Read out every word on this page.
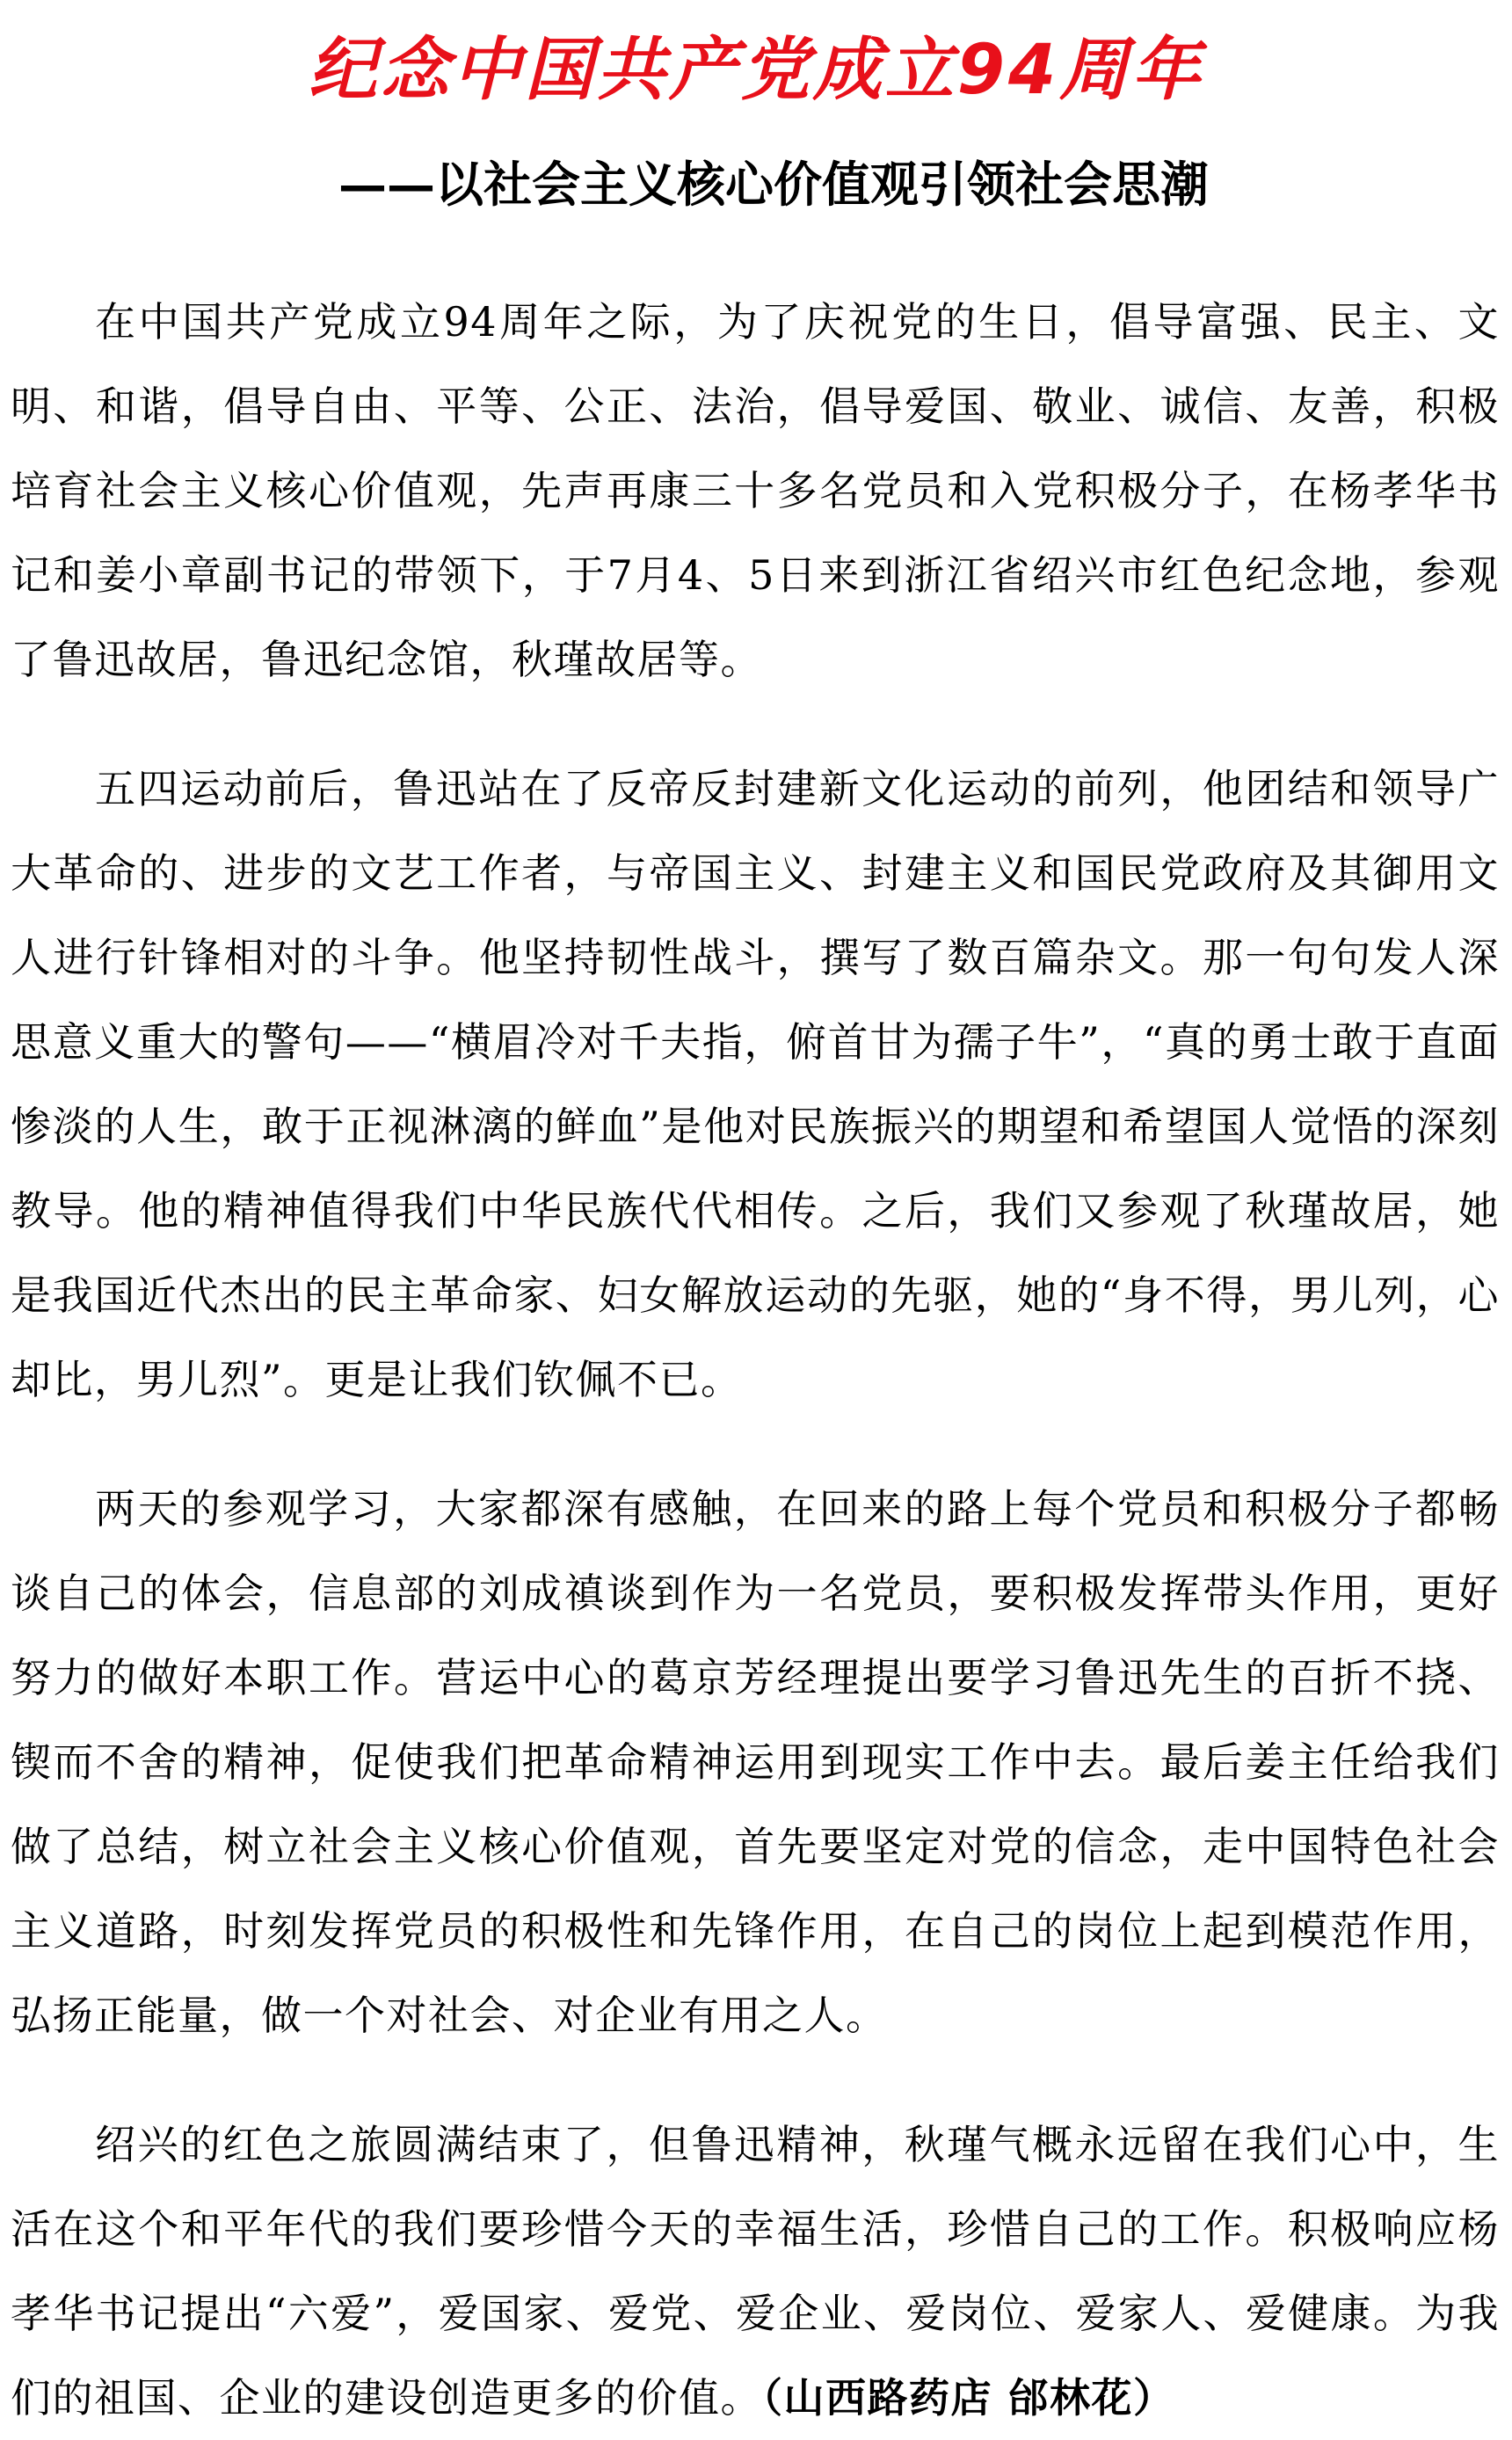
纪念中国共产党成立94周年
——以社会主义核心价值观引领社会思潮

在中国共产党成立94周年之际，为了庆祝党的生日，倡导富强、民主、文明、和谐，倡导自由、平等、公正、法治，倡导爱国、敬业、诚信、友善，积极培育社会主义核心价值观，先声再康三十多名党员和入党积极分子，在杨孝华书记和姜小章副书记的带领下，于7月4、5日来到浙江省绍兴市红色纪念地，参观了鲁迅故居，鲁迅纪念馆，秋瑾故居等。

五四运动前后，鲁迅站在了反帝反封建新文化运动的前列，他团结和领导广大革命的、进步的文艺工作者，与帝国主义、封建主义和国民党政府及其御用文人进行针锋相对的斗争。他坚持韧性战斗，撰写了数百篇杂文。那一句句发人深思意义重大的警句——“横眉冷对千夫指，俯首甘为孺子牛”，“真的勇士敢于直面惨淡的人生，敢于正视淋漓的鲜血”是他对民族振兴的期望和希望国人觉悟的深刻教导。他的精神值得我们中华民族代代相传。之后，我们又参观了秋瑾故居，她是我国近代杰出的民主革命家、妇女解放运动的先驱，她的“身不得，男儿列，心却比，男儿烈”。更是让我们钦佩不已。

两天的参观学习，大家都深有感触，在回来的路上每个党员和积极分子都畅谈自己的体会，信息部的刘成禛谈到作为一名党员，要积极发挥带头作用，更好努力的做好本职工作。营运中心的葛京芳经理提出要学习鲁迅先生的百折不挠、锲而不舍的精神，促使我们把革命精神运用到现实工作中去。最后姜主任给我们做了总结，树立社会主义核心价值观，首先要坚定对党的信念，走中国特色社会主义道路，时刻发挥党员的积极性和先锋作用，在自己的岗位上起到模范作用，弘扬正能量，做一个对社会、对企业有用之人。

绍兴的红色之旅圆满结束了，但鲁迅精神，秋瑾气概永远留在我们心中，生活在这个和平年代的我们要珍惜今天的幸福生活，珍惜自己的工作。积极响应杨孝华书记提出“六爱”，爱国家、爱党、爱企业、爱岗位、爱家人、爱健康。为我们的祖国、企业的建设创造更多的价值。（山西路药店 邰林花）
